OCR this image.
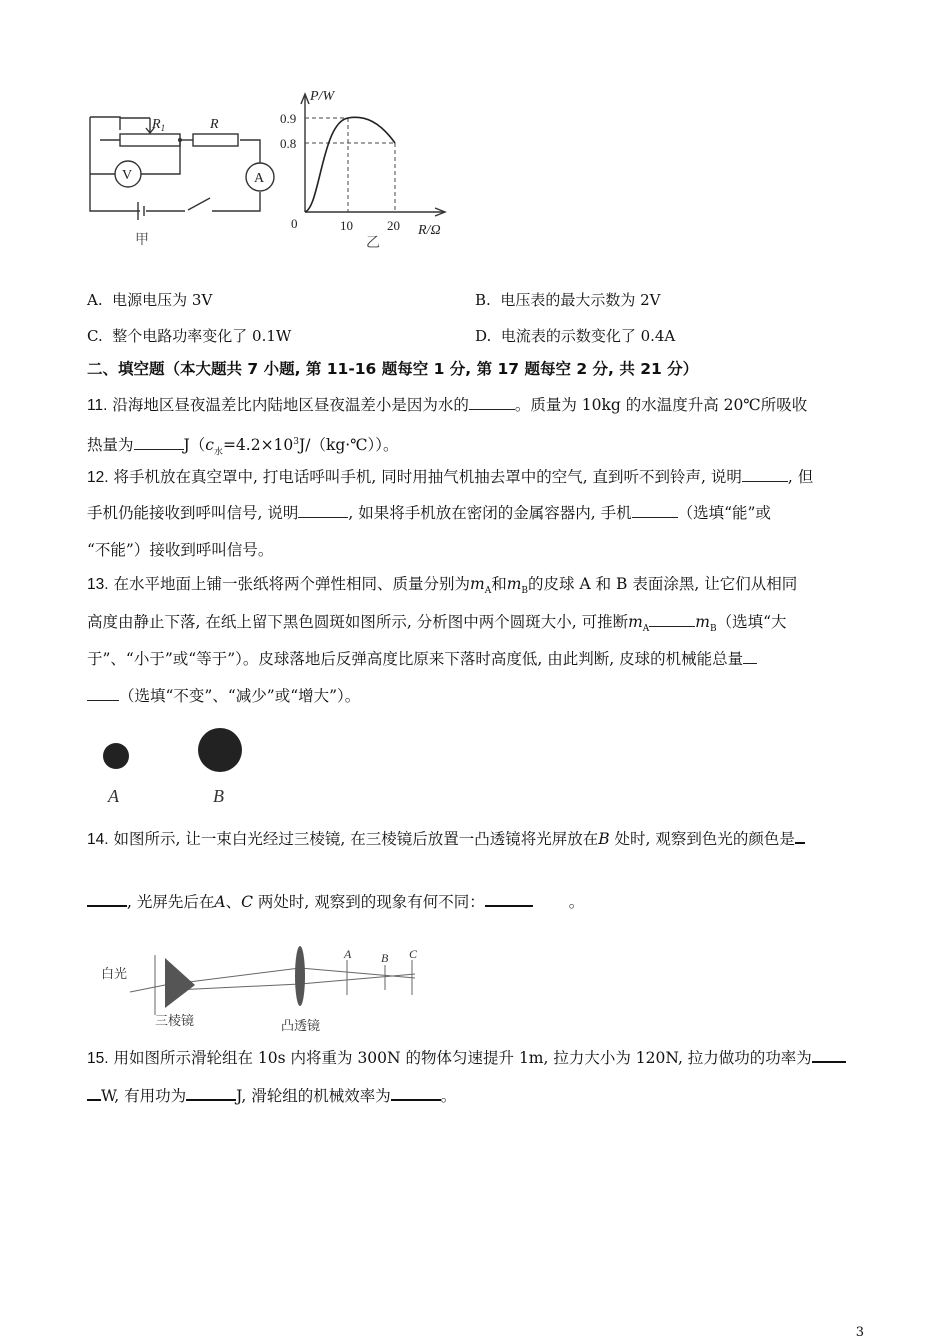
$R_1$	R
V	A
甲
P/W
0.9
0.8
0	10	20 R/Ω
乙
A. 电源电压为 3V	B. 电压表的最大示数为 2V
C. 整个电路功率变化了 0.1W	D. 电流表的示数变化了 0.4A
二、填空题（本大题共 7 小题, 第 11-16 题每空 1 分, 第 17 题每空 2 分, 共 21 分）
11. 沿海地区昼夜温差比内陆地区昼夜温差小是因为水的	。质量为 10kg 的水温度升高 20℃所吸收
热量为	$J(c_水=4.2\times 10^3J/(kg\cdot℃))$。
12. 将手机放在真空罩中, 打电话呼叫手机, 同时用抽气机抽去罩中的空气, 直到听不到铃声, 说明	, 但
手机仍能接收到呼叫信号, 说明	, 如果将手机放在密闭的金属容器内, 手机	（选填“能”或
“不能”）接收到呼叫信号。
13. 在水平地面上铺一张纸将两个弹性相同、质量分别为$m_A$和$m_B$的皮球 A 和 B 表面涂黑, 让它们从相同
高度由静止下落, 在纸上留下黑色圆斑如图所示, 分析图中两个圆斑大小, 可推断$m_A$	$m_B$（选填“大
于”、“小于”或“等于”）。皮球落地后反弹高度比原来下落时高度低, 由此判断, 皮球的机械能总量
（选填“不变”、“减少”或“增大”）。
A	B
14. 如图所示, 让一束白光经过三棱镜, 在三棱镜后放置一凸透镜将光屏放在B 处时, 观察到色光的颜色是
, 光屏先后在A、C 两处时, 观察到的现象有何不同：	。
白光
三棱镜	凸透镜
A B C
15. 用如图所示滑轮组在 10s 内将重为 300N 的物体匀速提升 1m, 拉力大小为 120N, 拉力做功的功率为
W, 有用功为	J, 滑轮组的机械效率为	。
3
